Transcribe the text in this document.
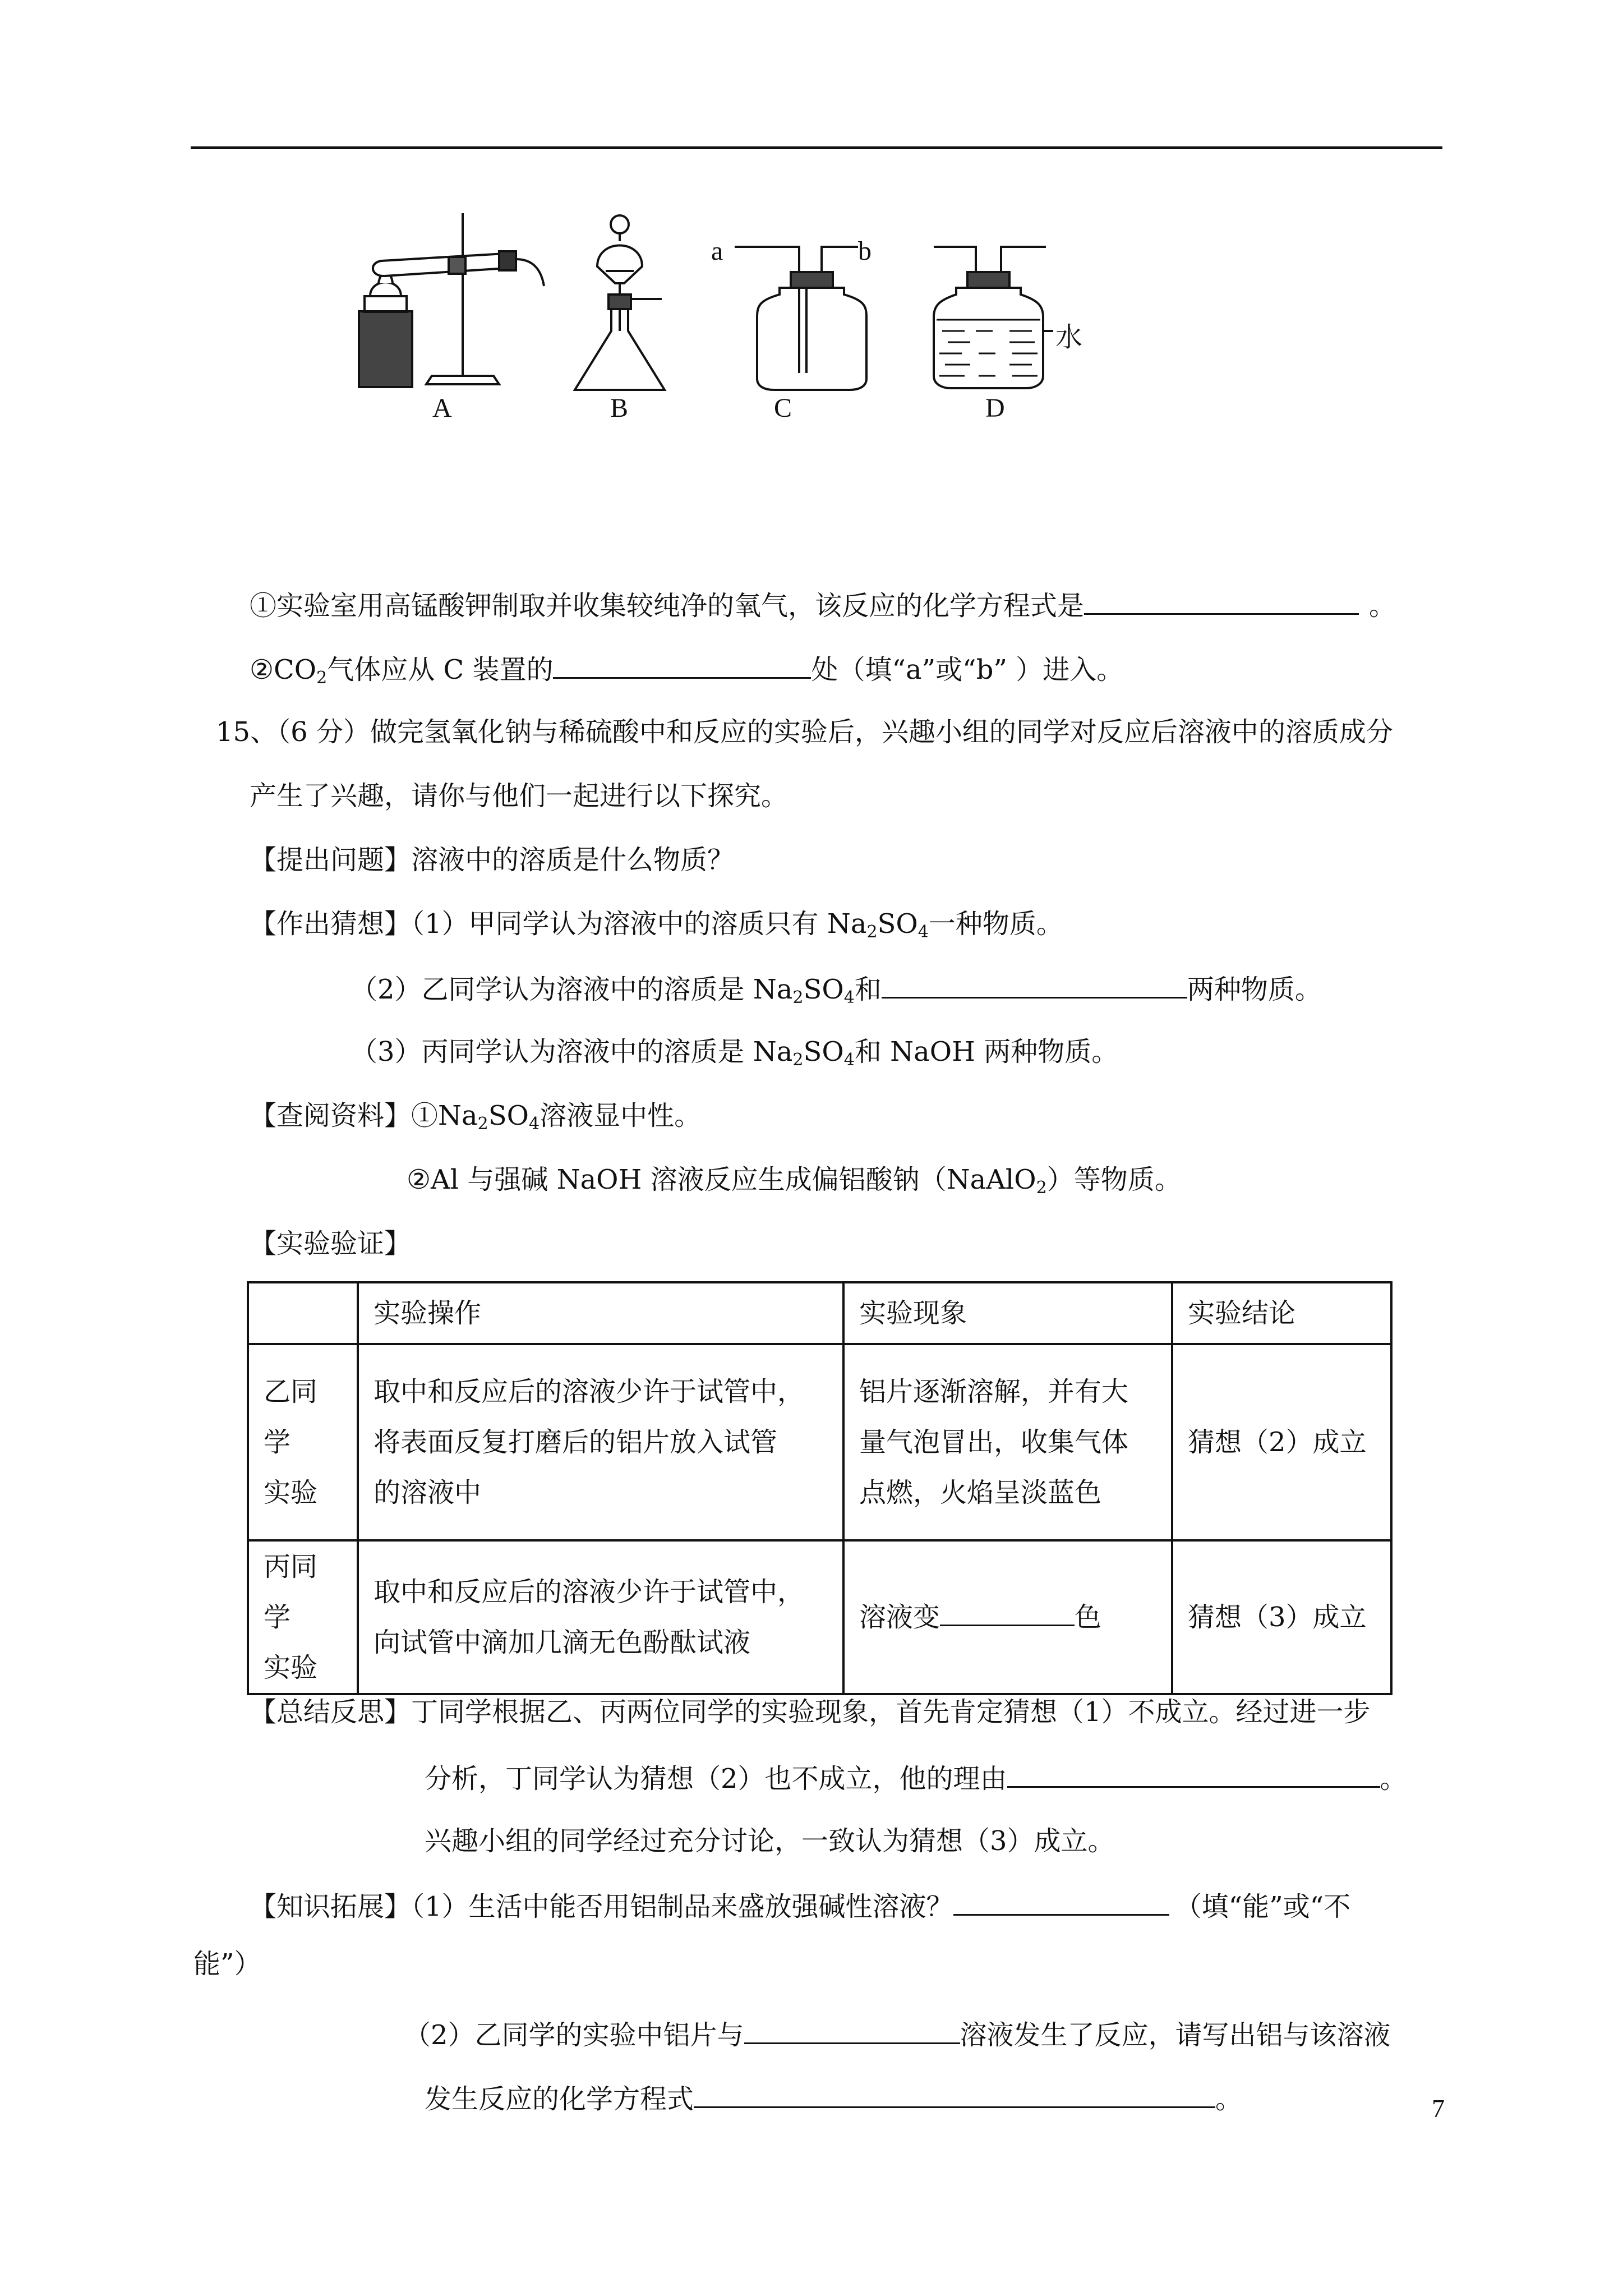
A	B
a	b
C
水
D
①实验室用高锰酸钾制取并收集较纯净的氧气，该反应的化学方程式是	。
$②CO_2$气体应从 C 装置的	处（填“a”或“b” ）进入。
15、（6 分）做完氢氧化钠与稀硫酸中和反应的实验后，兴趣小组的同学对反应后溶液中的溶质成分
产生了兴趣，请你与他们一起进行以下探究。
【提出问题】溶液中的溶质是什么物质？
【作出猜想】（1）甲同学认为溶液中的溶质只有 $Na_2SO_4$一种物质。
（2）乙同学认为溶液中的溶质是 $Na_2SO_4$和	两种物质。
（3）丙同学认为溶液中的溶质是 $Na_2SO_4$和 NaOH 两种物质。
【查阅资料】$①Na_2SO_4$溶液显中性。
②Al 与强碱 NaOH 溶液反应生成偏铝酸钠（NaAlO$_2$）等物质。
【实验验证】
	实验操作	实验现象	实验结论

乙同学
实验	取中和反应后的溶液少许于试管中，
将表面反复打磨后的铝片放入试管
的溶液中	铝片逐渐溶解，并有大
量气泡冒出，收集气体
点燃，火焰呈淡蓝色	猜想（2）成立

丙同学
实验	取中和反应后的溶液少许于试管中，
向试管中滴加几滴无色酚酞试液	溶液变 色	猜想（3）成立
【总结反思】丁同学根据乙、丙两位同学的实验现象，首先肯定猜想（1）不成立。经过进一步
分析，丁同学认为猜想（2）也不成立，他的理由	。
兴趣小组的同学经过充分讨论，一致认为猜想（3）成立。
【知识拓展】（1）生活中能否用铝制品来盛放强碱性溶液？	（填“能”或“不
能”）
（2）乙同学的实验中铝片与	溶液发生了反应，请写出铝与该溶液
发生反应的化学方程式	。	7
